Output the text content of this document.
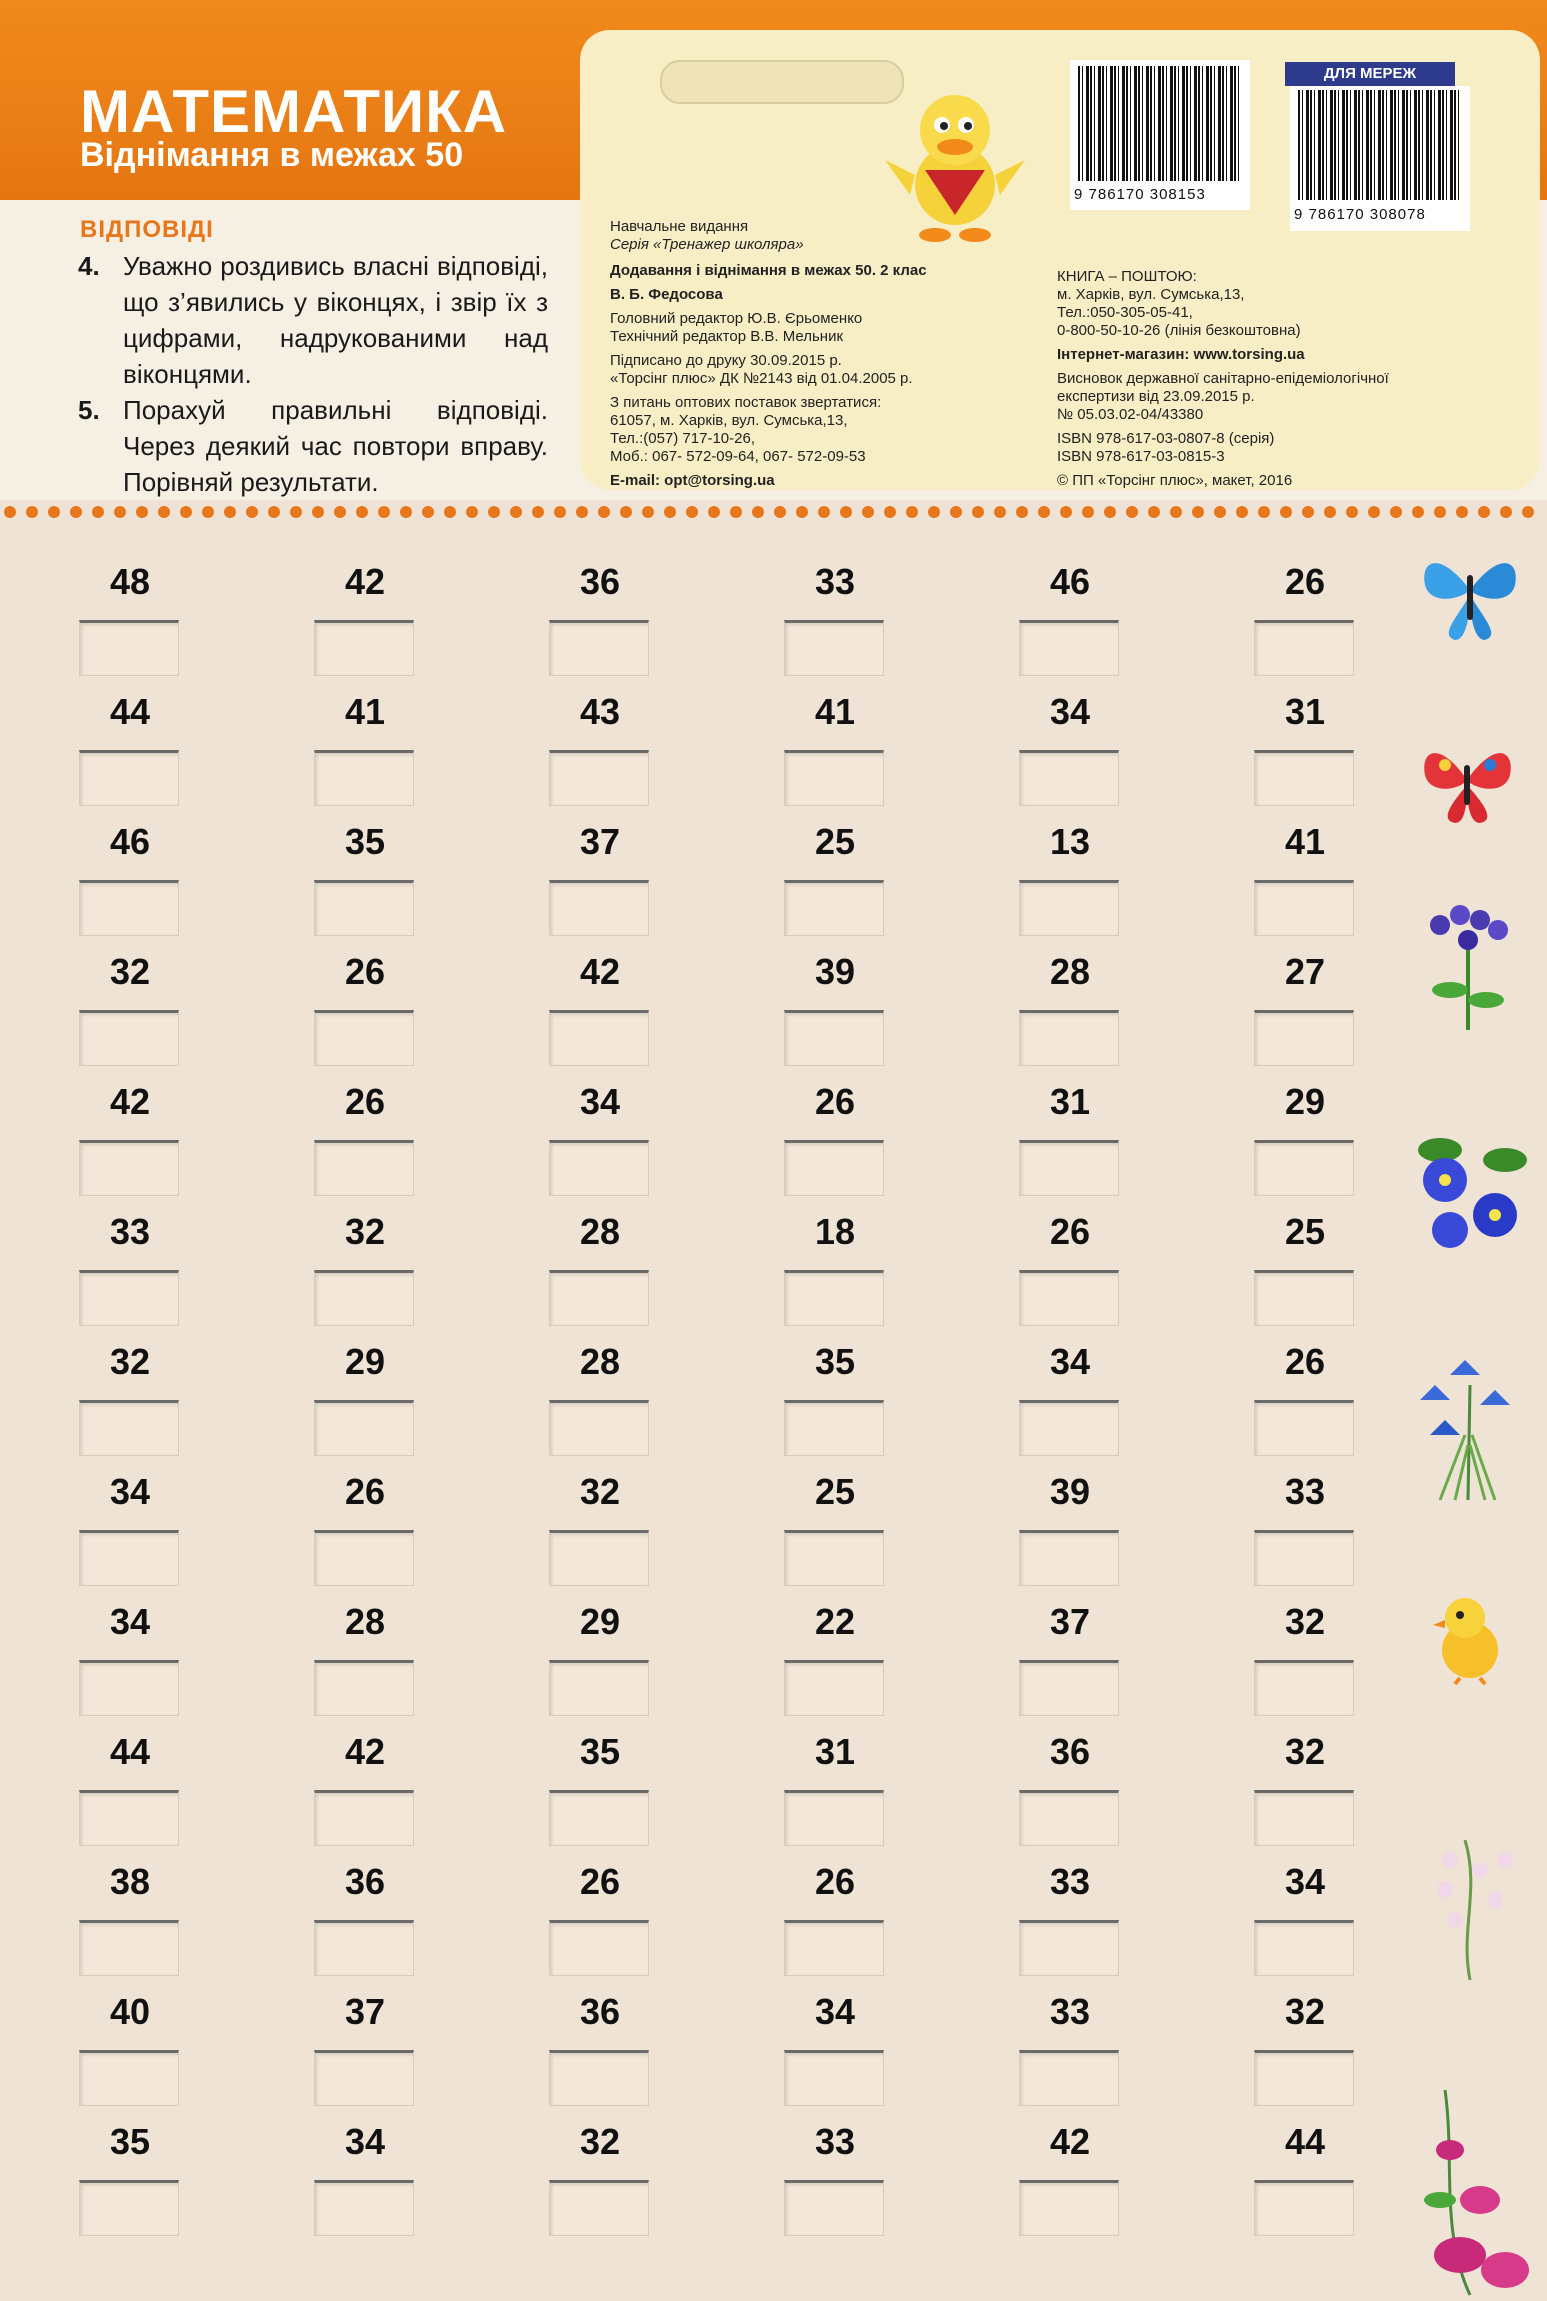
МАТЕМАТИКА
Віднімання в межах 50
ВІДПОВІДІ
4. Уважно роздивись власні відповіді, що з’явились у віконцях, і звір їх з цифрами, надрукованими над віконцями.
5. Порахуй правильні відповіді. Через деякий час повтори вправу. Порівняй результати.
Навчальне видання
Серія «Тренажер школяра»
Додавання і віднімання в межах 50. 2 клас
В. Б. Федосова
Головний редактор Ю.В. Єрьоменко
Технічний редактор В.В. Мельник
Підписано до друку 30.09.2015 р.
«Торсінг плюс» ДК №2143 від 01.04.2005 р.
З питань оптових поставок звертатися:
61057, м. Харків, вул. Сумська,13,
Тел.:(057) 717-10-26,
Моб.: 067- 572-09-64, 067- 572-09-53
E-mail: opt@torsing.ua
КНИГА – ПОШТОЮ:
м. Харків, вул. Сумська,13,
Тел.:050-305-05-41,
0-800-50-10-26 (лінія безкоштовна)
Інтернет-магазин: www.torsing.ua
Висновок державної санітарно-епідеміологічної
експертизи від 23.09.2015 р.
№ 05.03.02-04/43380
ISBN 978-617-03-0807-8 (серія)
ISBN 978-617-03-0815-3
© ПП «Торсінг плюс», макет, 2016
9 786170 308153
ДЛЯ МЕРЕЖ
9 786170 308078
48	42	36	33	46	26
44	41	43	41	34	31
46	35	37	25	13	41
32	26	42	39	28	27
42	26	34	26	31	29
33	32	28	18	26	25
32	29	28	35	34	26
34	26	32	25	39	33
34	28	29	22	37	32
44	42	35	31	36	32
38	36	26	26	33	34
40	37	36	34	33	32
35	34	32	33	42	44
